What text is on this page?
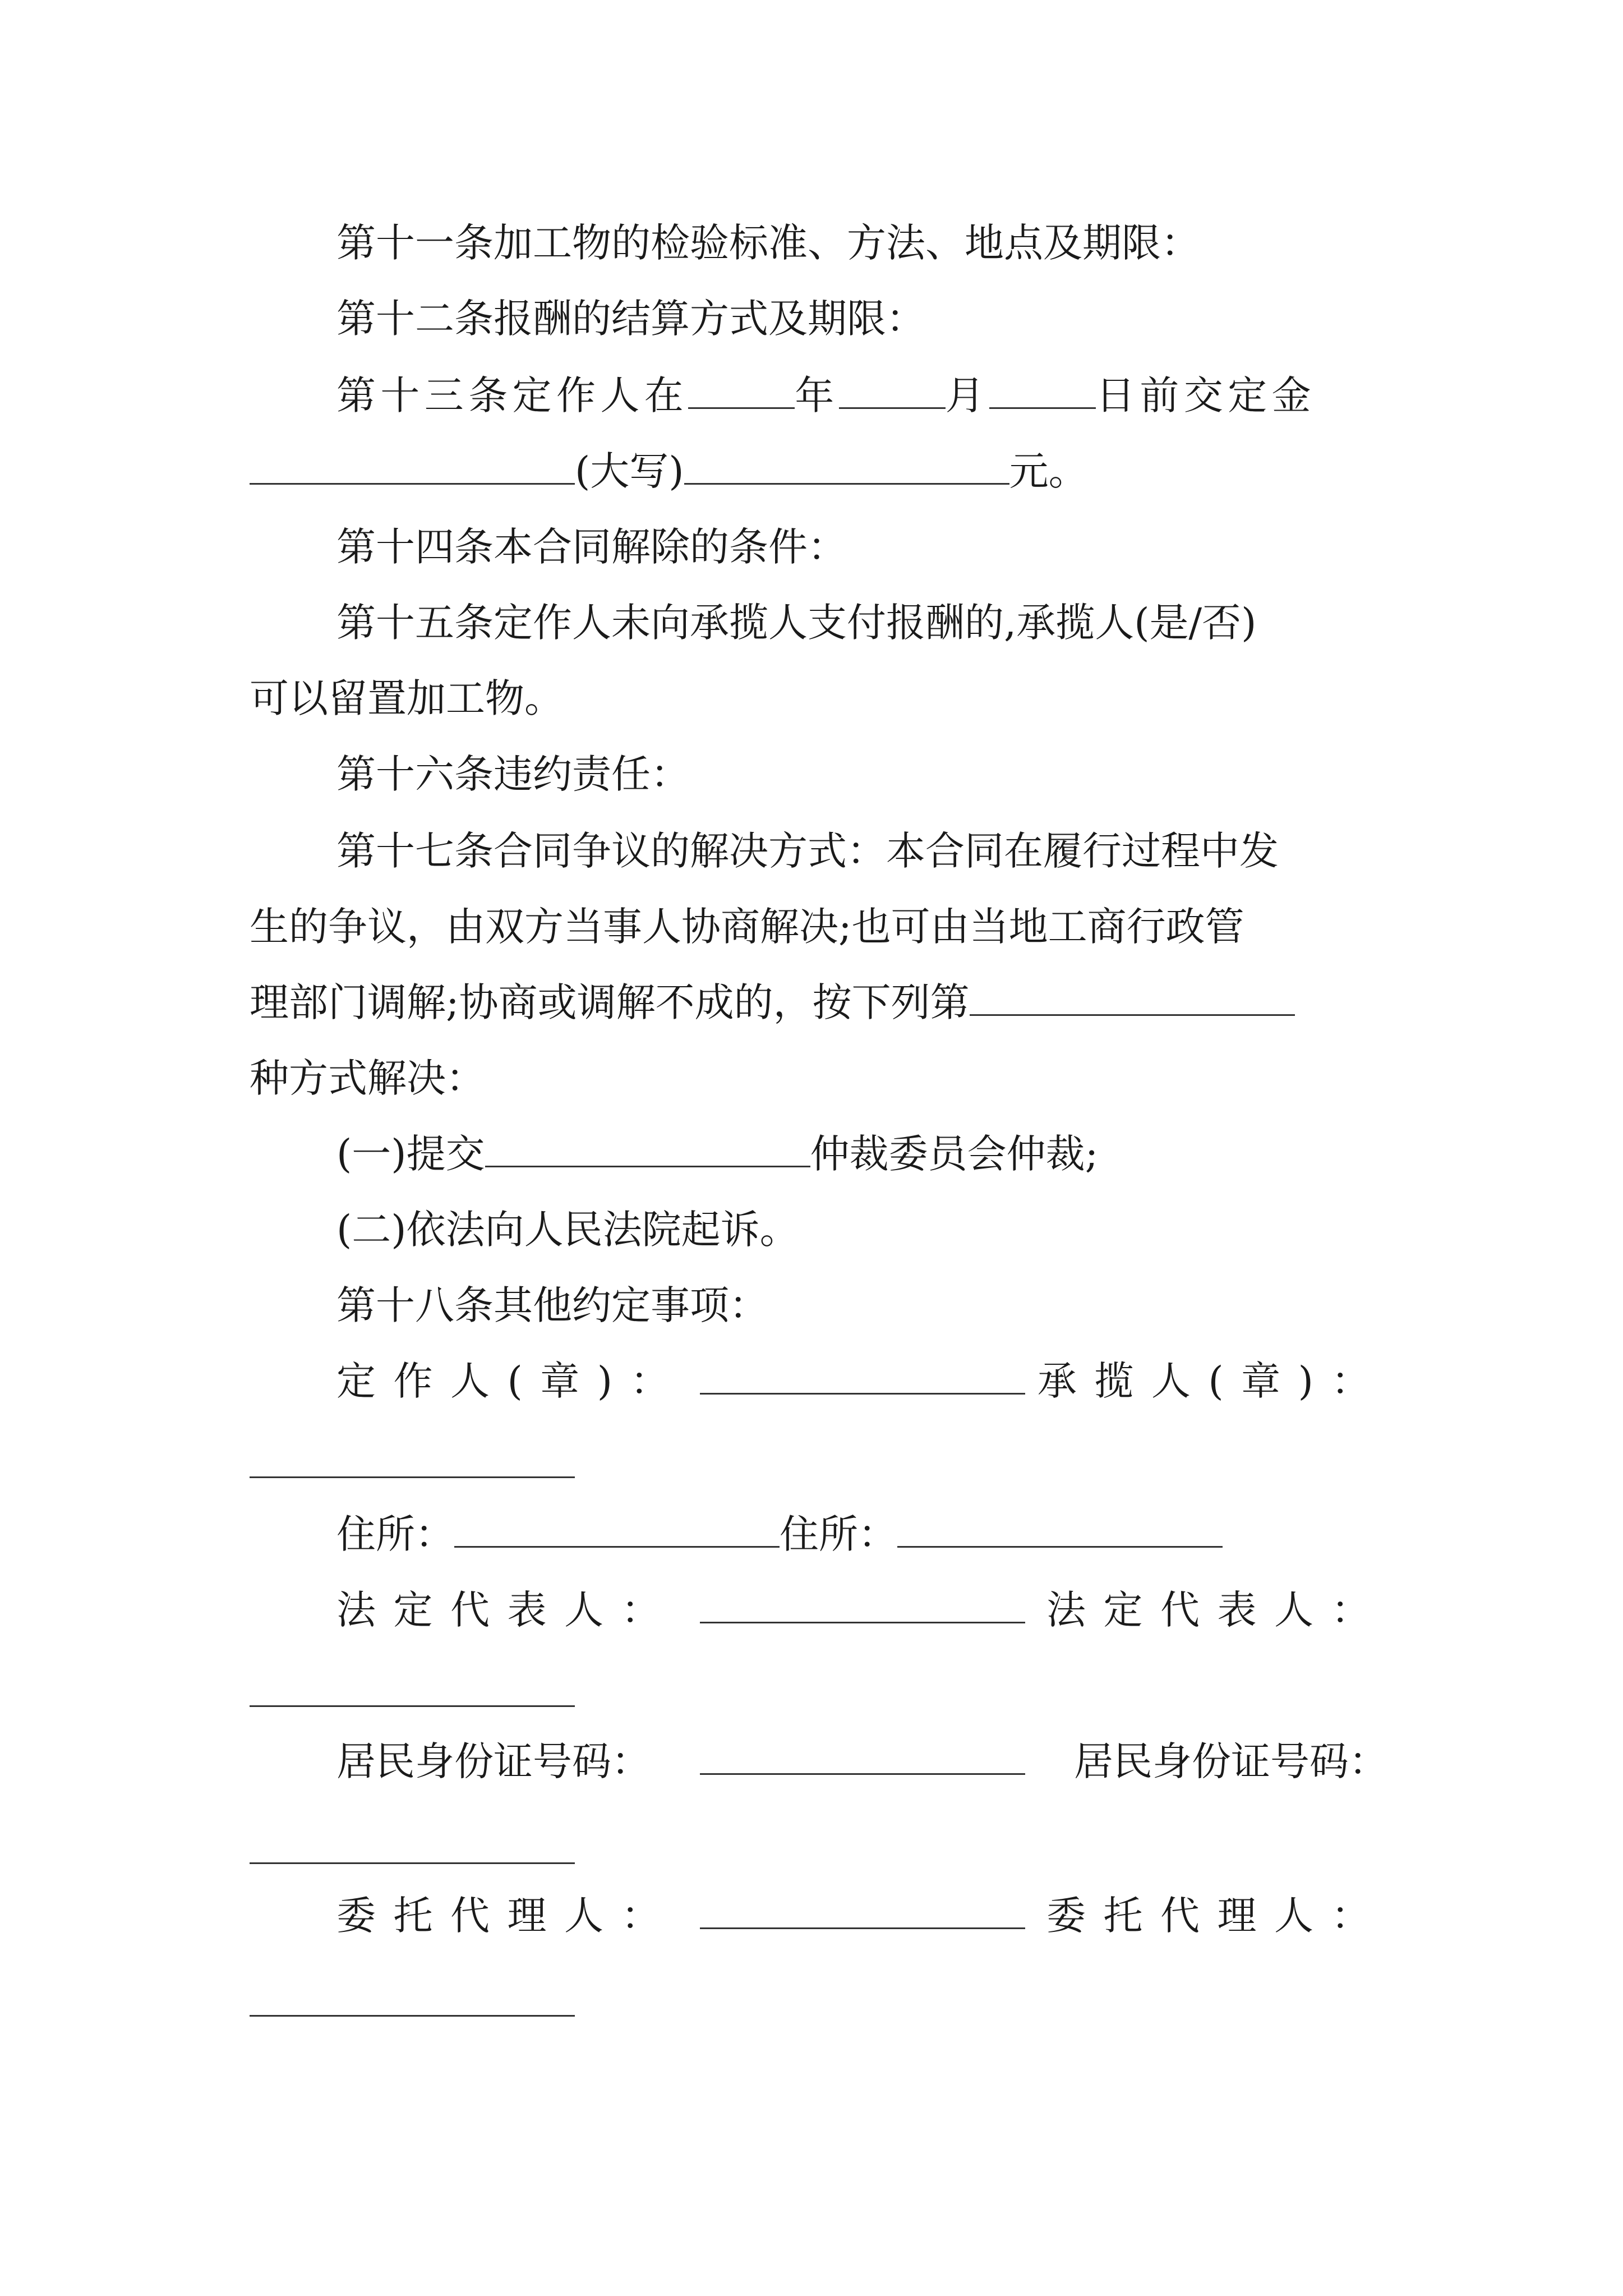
第十一条加工物的检验标准、方法、地点及期限：
第十二条报酬的结算方式及期限：
第十三条定作人在	年	月	日前交定金
(大写)	元。
第十四条本合同解除的条件：
第十五条定作人未向承揽人支付报酬的,承揽人(是/否)
可以留置加工物。
第十六条违约责任：
第十七条合同争议的解决方式：本合同在履行过程中发
生的争议，由双方当事人协商解决;也可由当地工商行政管
理部门调解;协商或调解不成的，按下列第
种方式解决：
(一)提交	仲裁委员会仲裁;
(二)依法向人民法院起诉。
第十八条其他约定事项：
定作人(章)：	承揽人(章)：
住所：	住所：
法定代表人：	法定代表人：
居民身份证号码：	居民身份证号码：
委托代理人：	委托代理人：
